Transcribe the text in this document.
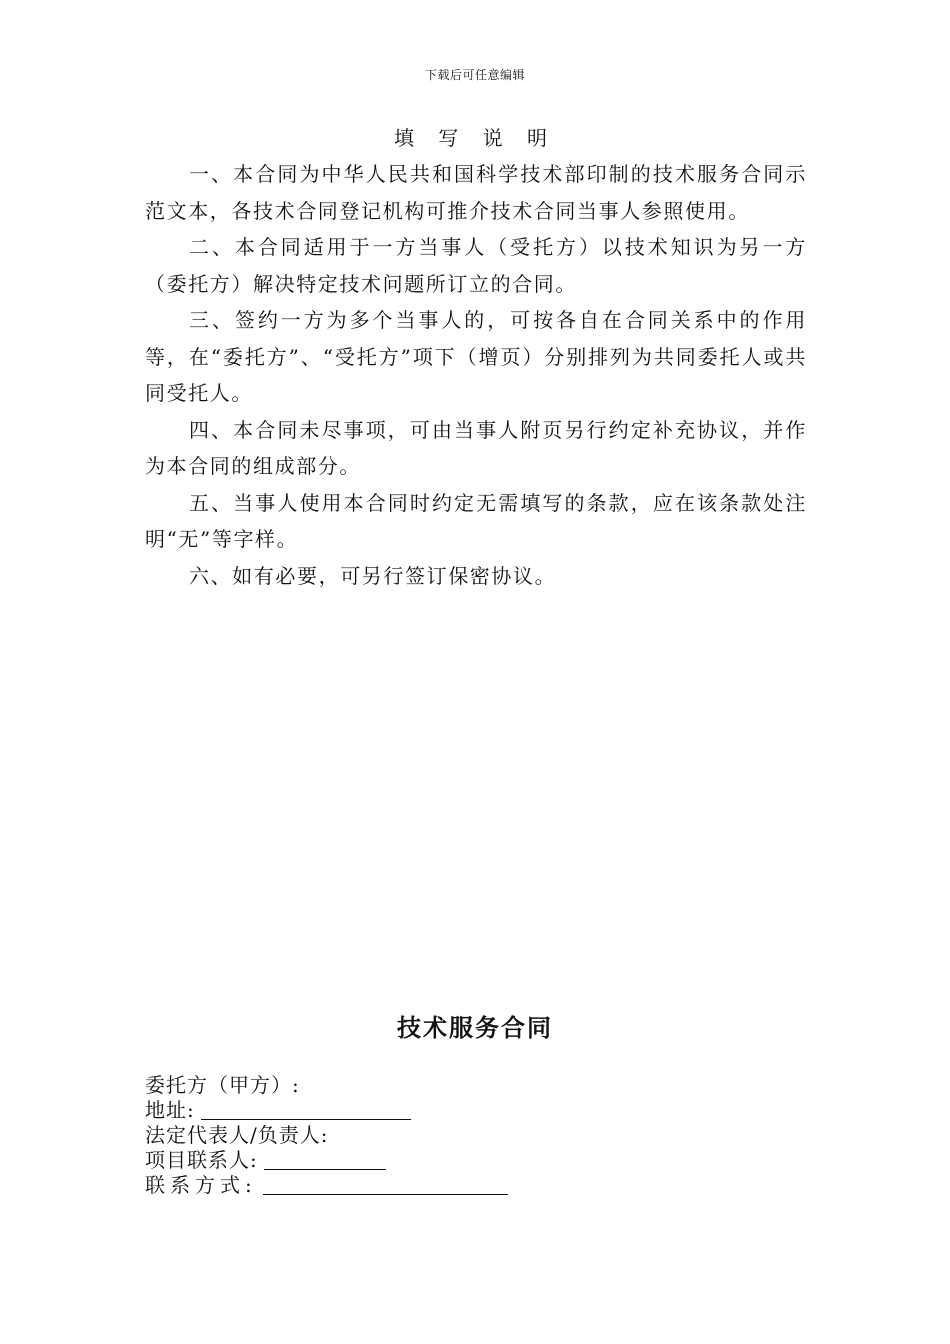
下载后可任意编辑
填 写 说 明

一、本合同为中华人民共和国科学技术部印制的技术服务合同示范文本，各技术合同登记机构可推介技术合同当事人参照使用。

二、本合同适用于一方当事人（受托方）以技术知识为另一方（委托方）解决特定技术问题所订立的合同。

三、签约一方为多个当事人的，可按各自在合同关系中的作用等，在“委托方”、“受托方”项下（增页）分别排列为共同委托人或共同受托人。

四、本合同未尽事项，可由当事人附页另行约定补充协议，并作为本合同的组成部分。

五、当事人使用本合同时约定无需填写的条款，应在该条款处注明“无”等字样。

六、如有必要，可另行签订保密协议。

技术服务合同
委托方（甲方）:
地址:
法定代表人/负责人:
项目联系人:
联系方式:
